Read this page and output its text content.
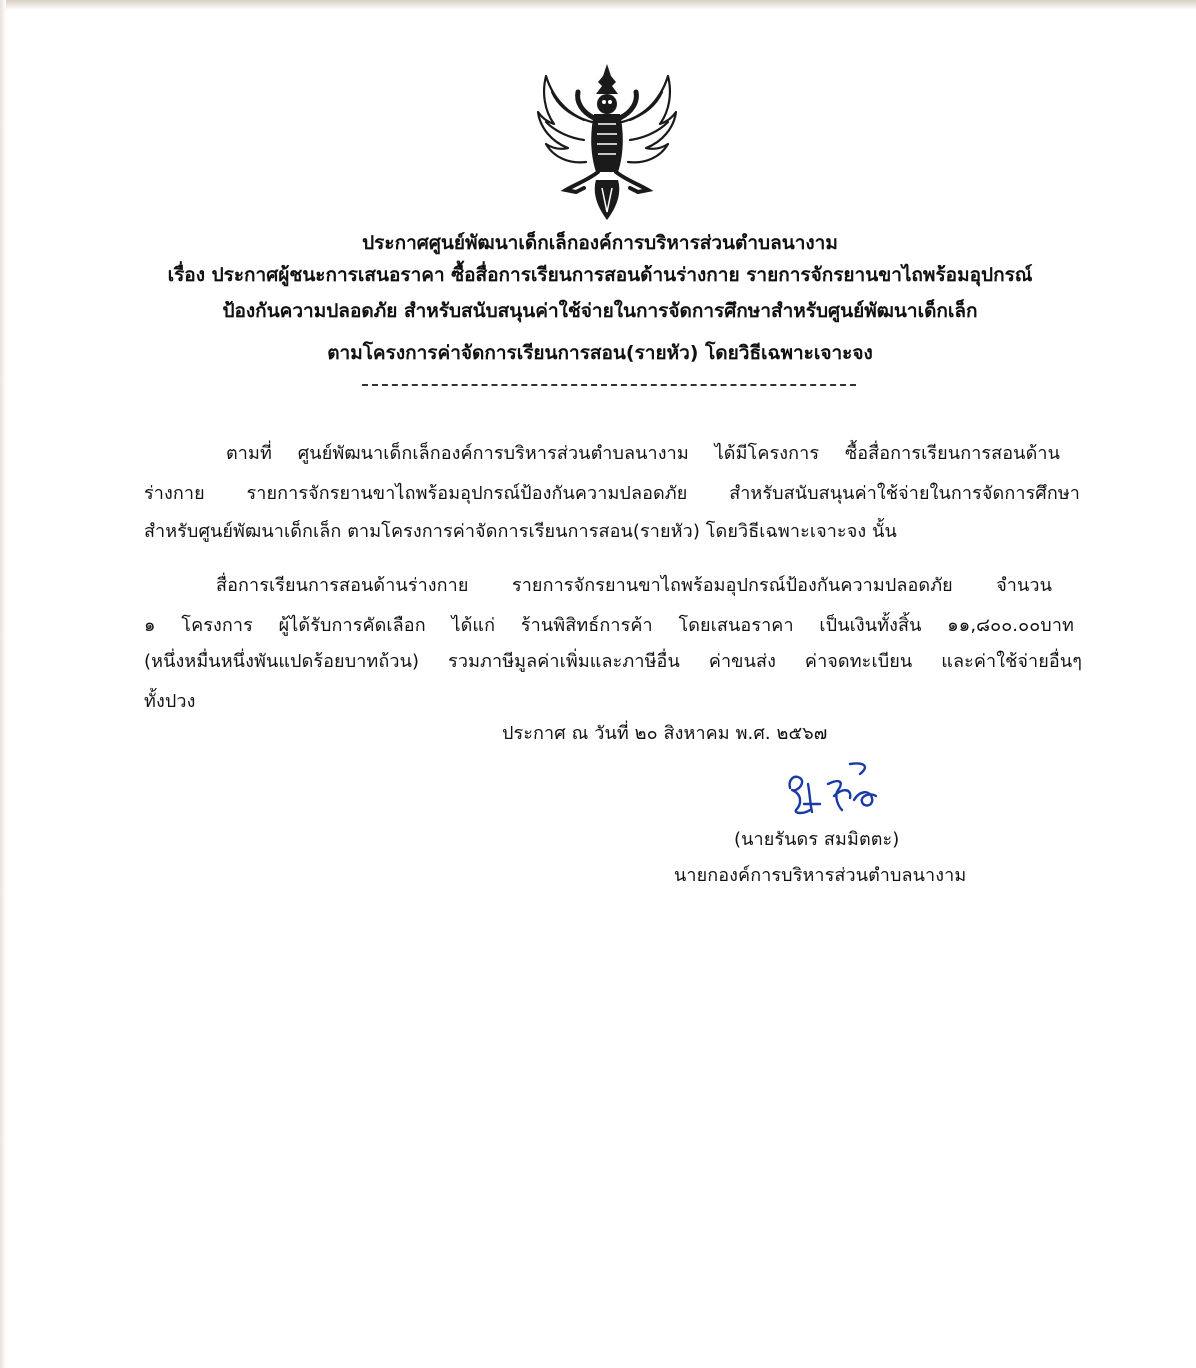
ประกาศศูนย์พัฒนาเด็กเล็กองค์การบริหารส่วนตำบลนางาม
เรื่อง ประกาศผู้ชนะการเสนอราคา ซื้อสื่อการเรียนการสอนด้านร่างกาย รายการจักรยานขาไถพร้อมอุปกรณ์
ป้องกันความปลอดภัย สำหรับสนับสนุนค่าใช้จ่ายในการจัดการศึกษาสำหรับศูนย์พัฒนาเด็กเล็ก
ตามโครงการค่าจัดการเรียนการสอน(รายหัว) โดยวิธีเฉพาะเจาะจง
ตามที่ ศูนย์พัฒนาเด็กเล็กองค์การบริหารส่วนตำบลนางาม ได้มีโครงการ ซื้อสื่อการเรียนการสอนด้าน
ร่างกาย รายการจักรยานขาไถพร้อมอุปกรณ์ป้องกันความปลอดภัย สำหรับสนับสนุนค่าใช้จ่ายในการจัดการศึกษา
สำหรับศูนย์พัฒนาเด็กเล็ก ตามโครงการค่าจัดการเรียนการสอน(รายหัว) โดยวิธีเฉพาะเจาะจง นั้น
สื่อการเรียนการสอนด้านร่างกาย รายการจักรยานขาไถพร้อมอุปกรณ์ป้องกันความปลอดภัย จำนวน
๑ โครงการ ผู้ได้รับการคัดเลือก ได้แก่ ร้านพิสิทธ์การค้า โดยเสนอราคา เป็นเงินทั้งสิ้น ๑๑,๘๐๐.๐๐บาท
(หนึ่งหมื่นหนึ่งพันแปดร้อยบาทถ้วน) รวมภาษีมูลค่าเพิ่มและภาษีอื่น ค่าขนส่ง ค่าจดทะเบียน และค่าใช้จ่ายอื่นๆ
ทั้งปวง
ประกาศ ณ วันที่ ๒๐ สิงหาคม พ.ศ. ๒๕๖๗
(นายรันดร สมมิตตะ)
นายกองค์การบริหารส่วนตำบลนางาม
